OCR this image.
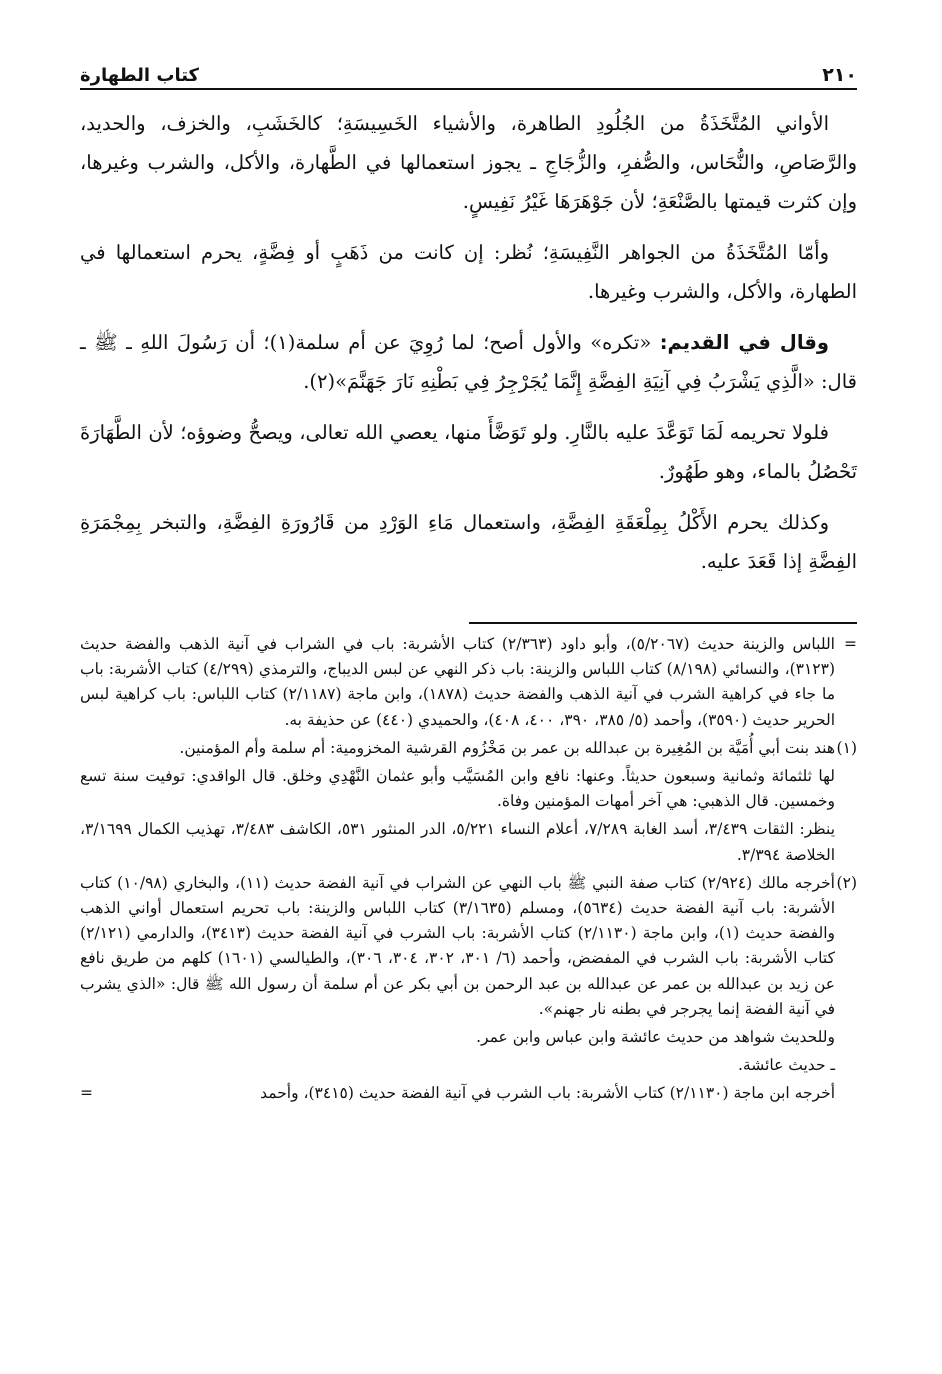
٢١٠
كتاب الطهارة

الأواني المُتَّخَذَةُ من الجُلُودِ الطاهرة، والأشياء الخَسِيسَةِ؛ كالخَشَبِ، والخزف، والحديد، والرَّصَاصِ، والنُّحَاس، والصُّفرِ، والزُّجَاجِ ـ يجوز استعمالها في الطَّهارة، والأكل، والشرب وغيرها، وإن كثرت قيمتها بالصَّنْعَةِ؛ لأن جَوْهَرَهَا غَيْرُ نَفِيسٍ.

وأمّا المُتَّخَذَةُ من الجواهر النَّفِيسَةِ؛ نُظر: إن كانت من ذَهَبٍ أو فِضَّةٍ، يحرم استعمالها في الطهارة، والأكل، والشرب وغيرها.

وقال في القديم: «تكره» والأول أصح؛ لما رُوِيَ عن أم سلمة(١)؛ أن رَسُولَ اللهِ ـ ﷺ ـ قال: «الَّذِي يَشْرَبُ فِي آنِيَةِ الفِضَّةِ إِنَّمَا يُجَرْجِرُ فِي بَطْنِهِ نَارَ جَهَنَّمَ»(٢).

فلولا تحريمه لَمَا تَوَعَّدَ عليه بالنَّارِ. ولو تَوَضَّأَ منها، يعصي الله تعالى، ويصحُّ وضوؤه؛ لأن الطَّهَارَةَ تَحْصُلُ بالماء، وهو طَهُورٌ.

وكذلك يحرم الأَكْلُ بِمِلْعَقَةِ الفِضَّةِ، واستعمال مَاءِ الوَرْدِ من قَارُورَةِ الفِضَّةِ، والتبخر بِمِجْمَرَةِ الفِضَّةِ إذا قَعَدَ عليه.

=

اللباس والزينة حديث (٥/٢٠٦٧)، وأبو داود (٢/٣٦٣) كتاب الأشربة: باب في الشراب في آنية الذهب والفضة حديث (٣١٢٣)، والنسائي (٨/١٩٨) كتاب اللباس والزينة: باب ذكر النهي عن لبس الديباج، والترمذي (٤/٢٩٩) كتاب الأشربة: باب ما جاء في كراهية الشرب في آنية الذهب والفضة حديث (١٨٧٨)، وابن ماجة (٢/١١٨٧) كتاب اللباس: باب كراهية لبس الحرير حديث (٣٥٩٠)، وأحمد (٥/ ٣٨٥، ٣٩٠، ٤٠٠، ٤٠٨)، والحميدي (٤٤٠) عن حذيفة به.

(١)

هند بنت أبي أُمَيَّة بن المُغِيرة بن عبدالله بن عمر بن مَخْزُوم القرشية المخزومية: أم سلمة وأم المؤمنين.

لها ثلثمائة وثمانية وسبعون حديثاً. وعنها: نافع وابن المُسَيَّب وأبو عثمان النَّهْدِي وخلق. قال الواقدي: توفيت سنة تسع وخمسين. قال الذهبي: هي آخر أمهات المؤمنين وفاة.

ينظر: الثقات ٣/٤٣٩، أسد الغابة ٧/٢٨٩، أعلام النساء ٥/٢٢١، الدر المنثور ٥٣١، الكاشف ٣/٤٨٣، تهذيب الكمال ٣/١٦٩٩، الخلاصة ٣/٣٩٤.

(٢)

أخرجه مالك (٢/٩٢٤) كتاب صفة النبي ﷺ باب النهي عن الشراب في آنية الفضة حديث (١١)، والبخاري (١٠/٩٨) كتاب الأشربة: باب آنية الفضة حديث (٥٦٣٤)، ومسلم (٣/١٦٣٥) كتاب اللباس والزينة: باب تحريم استعمال أواني الذهب والفضة حديث (١)، وابن ماجة (٢/١١٣٠) كتاب الأشربة: باب الشرب في آنية الفضة حديث (٣٤١٣)، والدارمي (٢/١٢١) كتاب الأشربة: باب الشرب في المفضض، وأحمد (٦/ ٣٠١، ٣٠٢، ٣٠٤، ٣٠٦)، والطيالسي (١٦٠١) كلهم من طريق نافع عن زيد بن عبدالله بن عمر عن عبدالله بن عبد الرحمن بن أبي بكر عن أم سلمة أن رسول الله ﷺ قال: «الذي يشرب في آنية الفضة إنما يجرجر في بطنه نار جهنم».

وللحديث شواهد من حديث عائشة وابن عباس وابن عمر.

ـ حديث عائشة.

أخرجه ابن ماجة (٢/١١٣٠) كتاب الأشربة: باب الشرب في آنية الفضة حديث (٣٤١٥)، وأحمد
=
